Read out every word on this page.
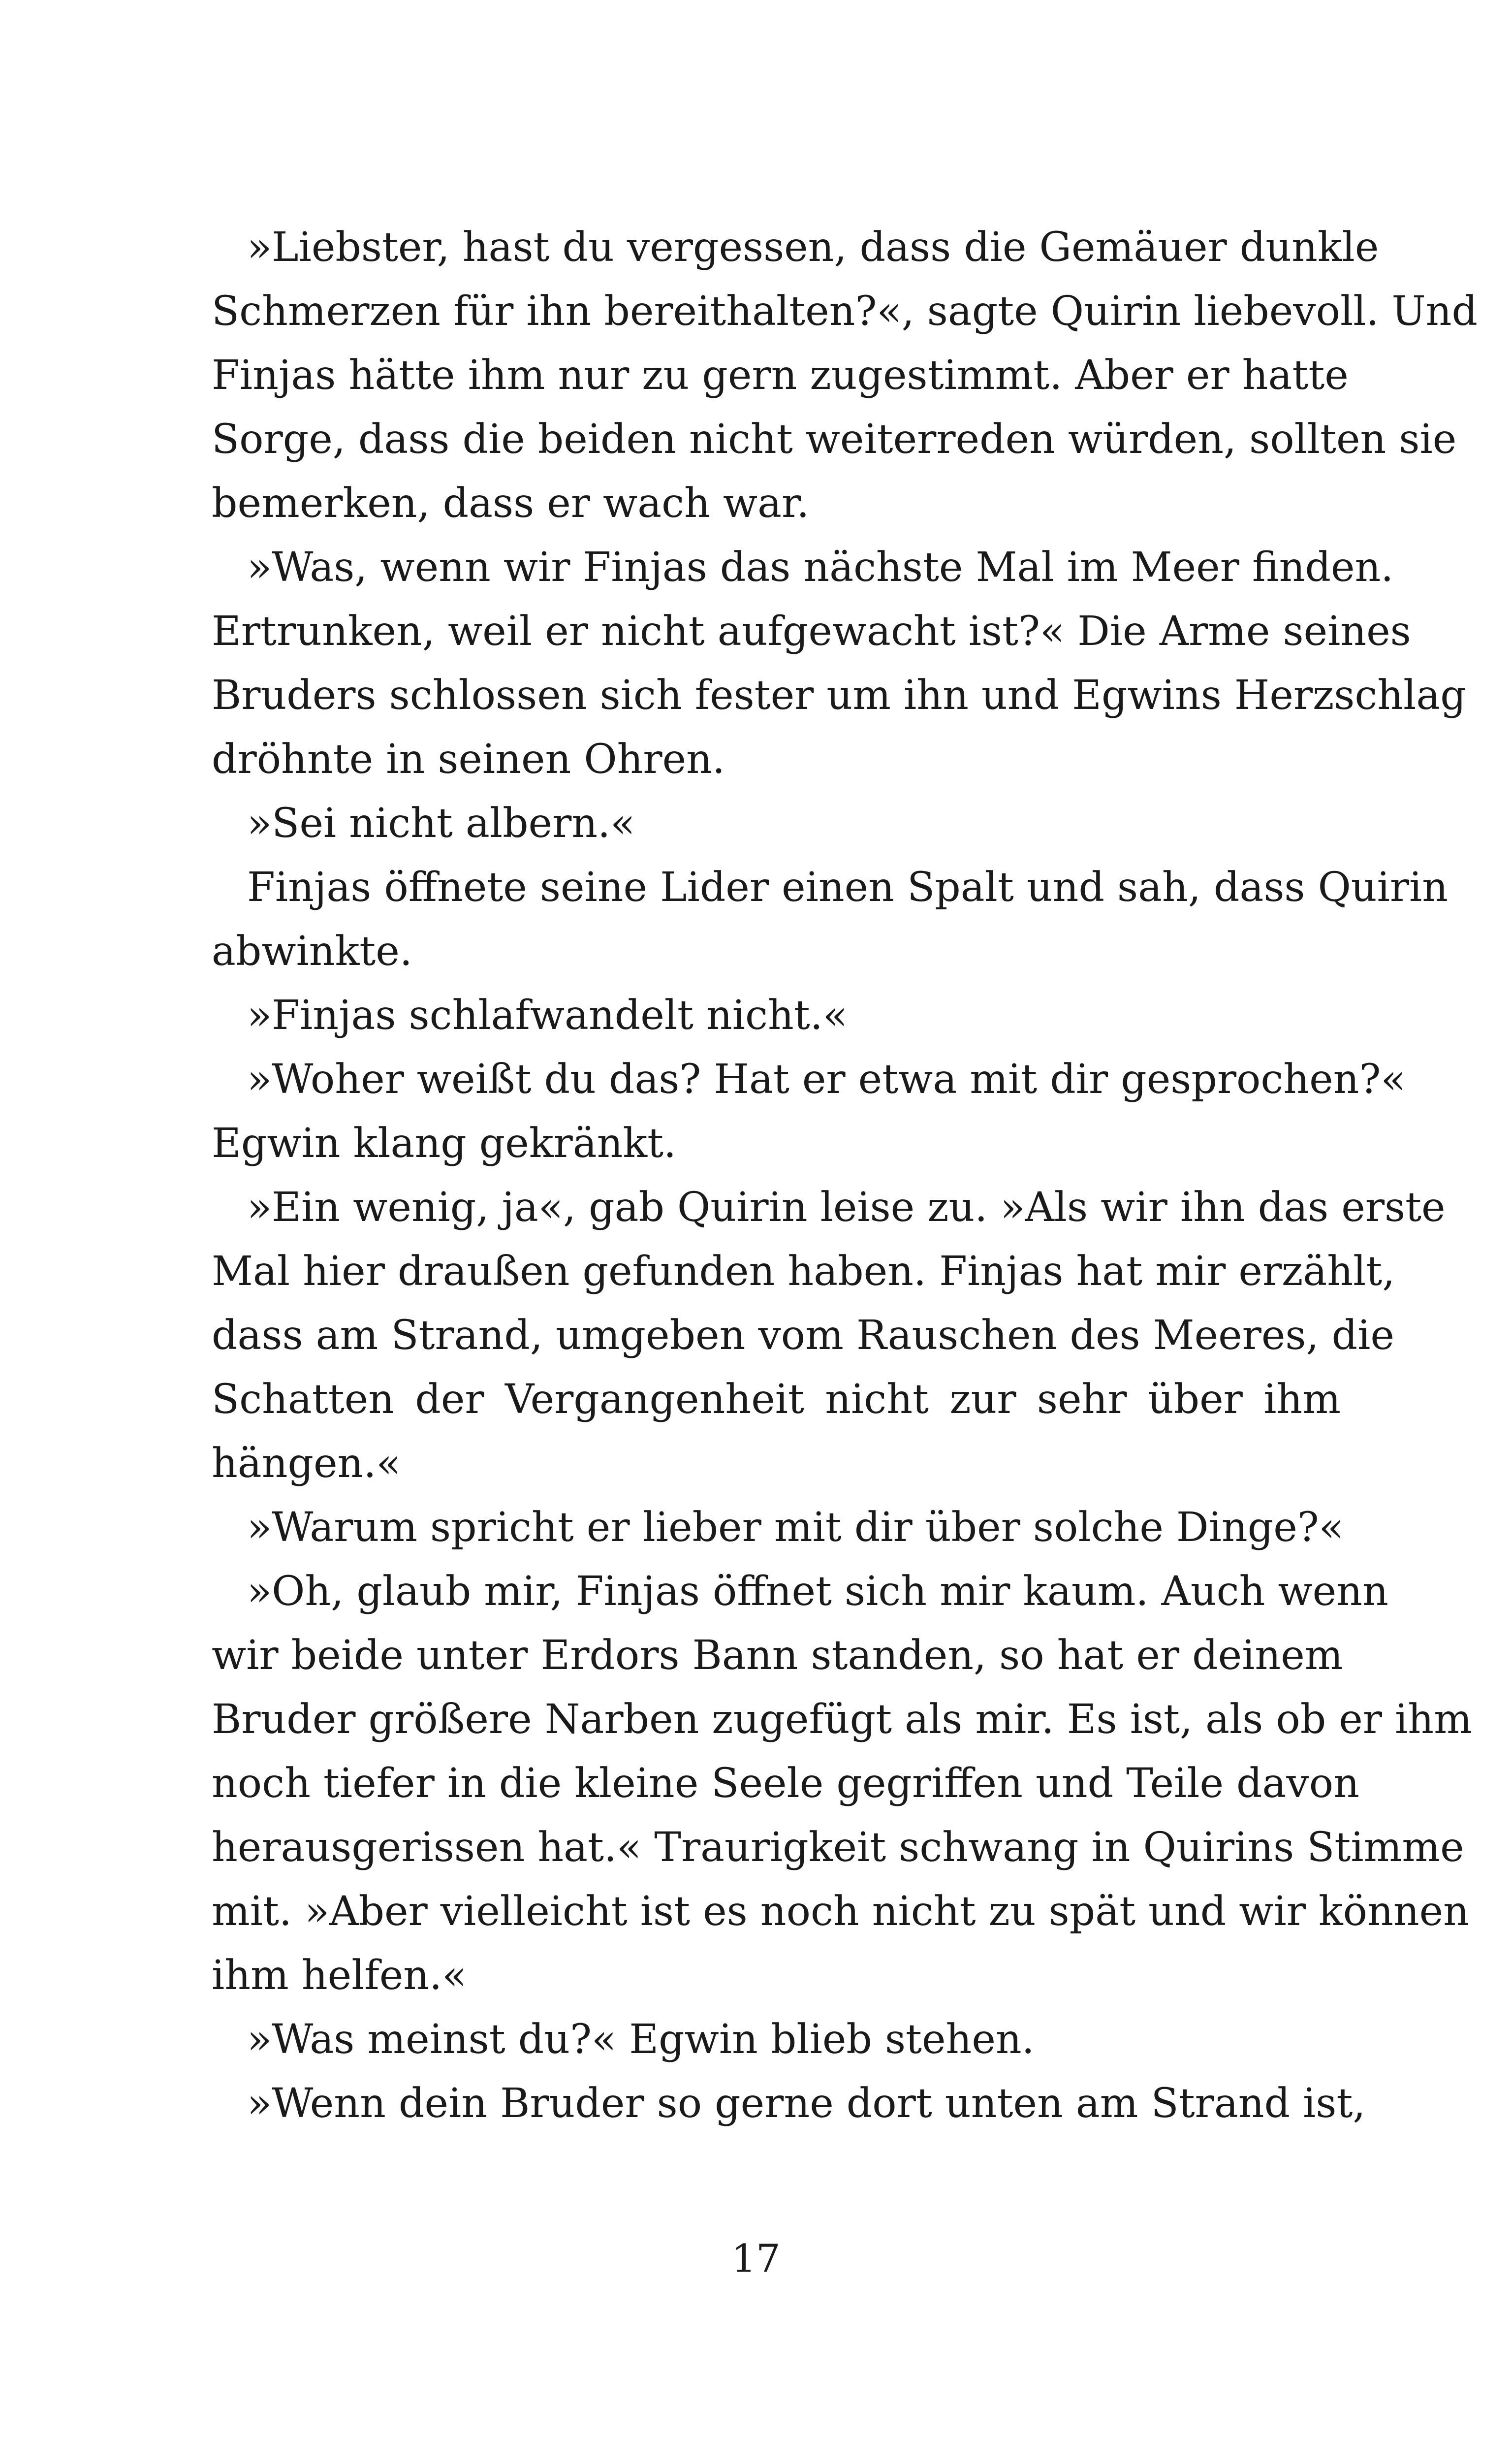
»Liebster, hast du vergessen, dass die Gemäuer dunkle
Schmerzen für ihn bereithalten?«, sagte Quirin liebevoll. Und
Finjas hätte ihm nur zu gern zugestimmt. Aber er hatte
Sorge, dass die beiden nicht weiterreden würden, sollten sie
bemerken, dass er wach war.
»Was, wenn wir Finjas das nächste Mal im Meer finden.
Ertrunken, weil er nicht aufgewacht ist?« Die Arme seines
Bruders schlossen sich fester um ihn und Egwins Herzschlag
dröhnte in seinen Ohren.
»Sei nicht albern.«
Finjas öffnete seine Lider einen Spalt und sah, dass Quirin
abwinkte.
»Finjas schlafwandelt nicht.«
»Woher weißt du das? Hat er etwa mit dir gesprochen?«
Egwin klang gekränkt.
»Ein wenig, ja«, gab Quirin leise zu. »Als wir ihn das erste
Mal hier draußen gefunden haben. Finjas hat mir erzählt,
dass am Strand, umgeben vom Rauschen des Meeres, die
Schatten der Vergangenheit nicht zur sehr über ihm
hängen.«
»Warum spricht er lieber mit dir über solche Dinge?«
»Oh, glaub mir, Finjas öffnet sich mir kaum. Auch wenn
wir beide unter Erdors Bann standen, so hat er deinem
Bruder größere Narben zugefügt als mir. Es ist, als ob er ihm
noch tiefer in die kleine Seele gegriffen und Teile davon
herausgerissen hat.« Traurigkeit schwang in Quirins Stimme
mit. »Aber vielleicht ist es noch nicht zu spät und wir können
ihm helfen.«
»Was meinst du?« Egwin blieb stehen.
»Wenn dein Bruder so gerne dort unten am Strand ist,
17
